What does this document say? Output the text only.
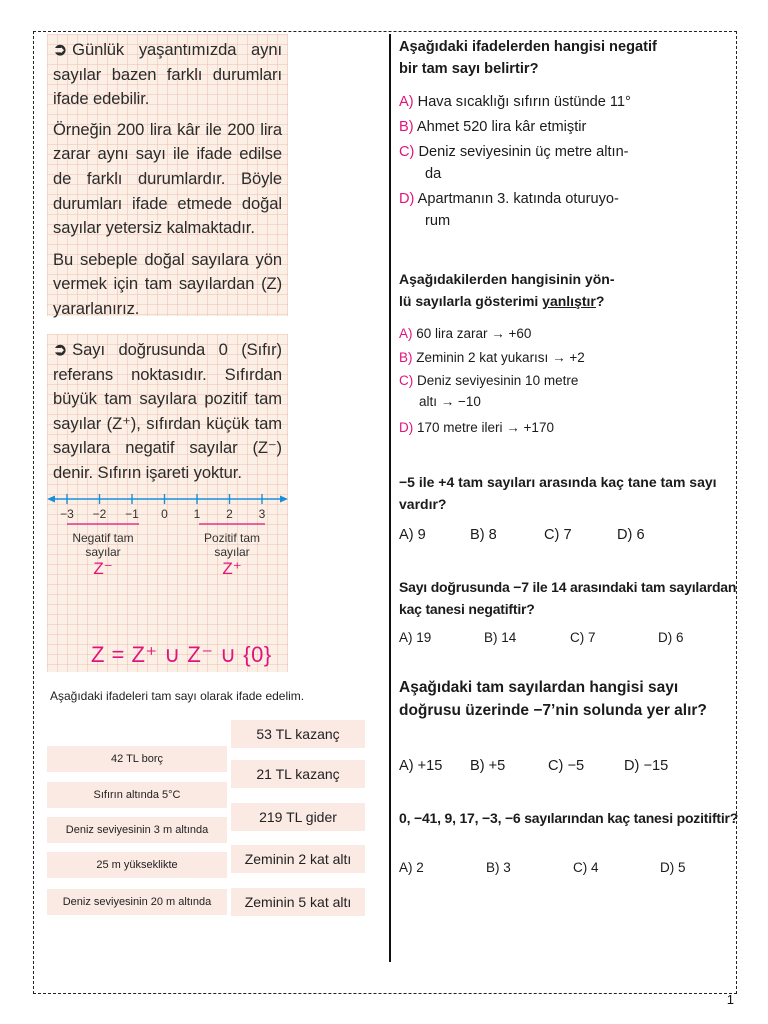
➲ Günlük yaşantımızda aynı sayılar bazen farklı durumları ifade edebilir.

Örneğin 200 lira kâr ile 200 lira zarar aynı sayı ile ifade edilse de farklı durumlardır. Böyle durumları ifade etmede doğal sayılar yetersiz kalmaktadır.

Bu sebeple doğal sayılara yön vermek için tam sayılardan (Z) yararlanırız.

➲ Sayı doğrusunda 0 (Sıfır) referans noktasıdır. Sıfırdan büyük tam sayılara pozitif tam sayılar (Z⁺), sıfırdan küçük tam sayılara negatif sayılar (Z⁻) denir. Sıfırın işareti yoktur.

−3 −2 −1 0 1 2 3
Negatif tam
sayılar
Z⁻
Pozitif tam
sayılar
Z⁺
Z = Z⁺ ∪ Z⁻ ∪ {0}
Aşağıdaki ifadeleri tam sayı olarak ifade edelim.
42 TL borç
Sıfırın altında 5°C
Deniz seviyesinin 3 m altında
25 m yükseklikte
Deniz seviyesinin 20 m altında
53 TL kazanç
21 TL kazanç
219 TL gider
Zeminin 2 kat altı
Zeminin 5 kat altı
Aşağıdaki ifadelerden hangisi negatif bir tam sayı belirtir?
A) Hava sıcaklığı sıfırın üstünde 11°
B) Ahmet 520 lira kâr etmiştir
C) Deniz seviyesinin üç metre altın-
da
D) Apartmanın 3. katında oturuyo-
rum
Aşağıdakilerden hangisinin yön-
lü sayılarla gösterimi yanlıştır?
A) 60 lira zarar → +60
B) Zeminin 2 kat yukarısı → +2
C) Deniz seviyesinin 10 metre
altı → −10
D) 170 metre ileri → +170
−5 ile +4 tam sayıları arasında kaç tane tam sayı vardır?
A) 9	B) 8	C) 7	D) 6
Sayı doğrusunda −7 ile 14 arasındaki tam sayılardan kaç tanesi negatiftir?
A) 19	B) 14	C) 7	D) 6
Aşağıdaki tam sayılardan hangisi sayı doğrusu üzerinde −7’nin solunda yer alır?
A) +15 B) +5	C) −5	D) −15
0, −41, 9, 17, −3, −6 sayılarından kaç tanesi pozitiftir?
A) 2	B) 3	C) 4	D) 5
1
